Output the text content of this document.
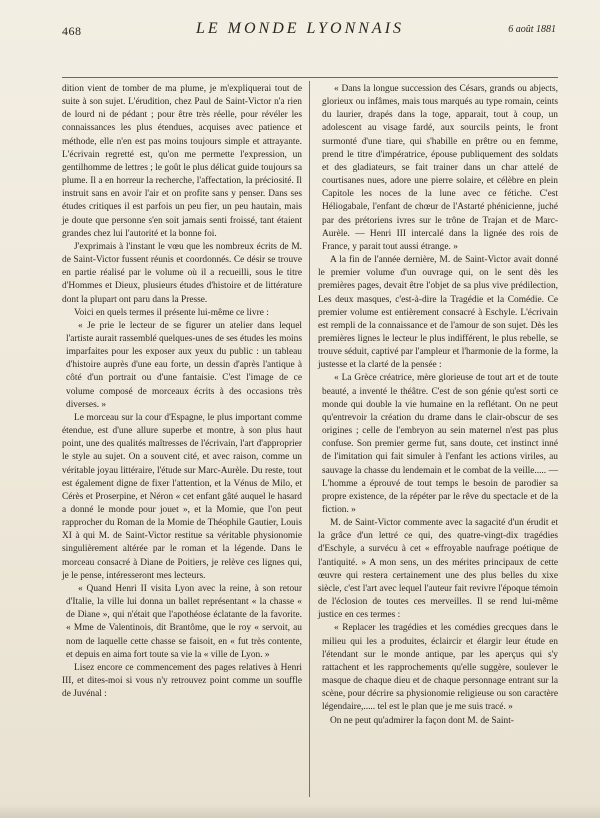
468	LE MONDE LYONNAIS	6 août 1881

dition vient de tomber de ma plume, je m'expliquerai tout de suite à son sujet. L'érudition, chez Paul de Saint-Victor n'a rien de lourd ni de pédant ; pour être très réelle, pour révéler les connaissances les plus étendues, acquises avec patience et méthode, elle n'en est pas moins toujours simple et attrayante. L'écrivain regretté est, qu'on me permette l'expression, un gentilhomme de lettres ; le goût le plus délicat guide toujours sa plume. Il a en horreur la recherche, l'affectation, la préciosité. Il instruit sans en avoir l'air et on profite sans y penser. Dans ses études critiques il est parfois un peu fier, un peu hautain, mais je doute que personne s'en soit jamais senti froissé, tant étaient grandes chez lui l'autorité et la bonne foi.

J'exprimais à l'instant le vœu que les nombreux écrits de M. de Saint-Victor fussent réunis et coordonnés. Ce désir se trouve en partie réalisé par le volume où il a recueilli, sous le titre d'Hommes et Dieux, plusieurs études d'histoire et de littérature dont la plupart ont paru dans la Presse.

Voici en quels termes il présente lui-même ce livre :

« Je prie le lecteur de se figurer un atelier dans lequel l'artiste aurait rassemblé quelques-unes de ses études les moins imparfaites pour les exposer aux yeux du public : un tableau d'histoire auprès d'une eau forte, un dessin d'après l'antique à côté d'un portrait ou d'une fantaisie. C'est l'image de ce volume composé de morceaux écrits à des occasions très diverses. »

Le morceau sur la cour d'Espagne, le plus important comme étendue, est d'une allure superbe et montre, à son plus haut point, une des qualités maîtresses de l'écrivain, l'art d'approprier le style au sujet. On a souvent cité, et avec raison, comme un véritable joyau littéraire, l'étude sur Marc-Aurèle. Du reste, tout est également digne de fixer l'attention, et la Vénus de Milo, et Cérès et Proserpine, et Néron « cet enfant gâté auquel le hasard a donné le monde pour jouet », et la Momie, que l'on peut rapprocher du Roman de la Momie de Théophile Gautier, Louis XI à qui M. de Saint-Victor restitue sa véritable physionomie singulièrement altérée par le roman et la légende. Dans le morceau consacré à Diane de Poitiers, je relève ces lignes qui, je le pense, intéresseront mes lecteurs.

« Quand Henri II visita Lyon avec la reine, à son retour d'Italie, la ville lui donna un ballet représentant « la chasse « de Diane », qui n'était que l'apothéose éclatante de la favorite. « Mme de Valentinois, dit Brantôme, que le roy « servoit, au nom de laquelle cette chasse se faisoit, en « fut très contente, et depuis en aima fort toute sa vie la « ville de Lyon. »

Lisez encore ce commencement des pages relatives à Henri III, et dites-moi si vous n'y retrouvez point comme un souffle de Juvénal :

« Dans la longue succession des Césars, grands ou abjects, glorieux ou infâmes, mais tous marqués au type romain, ceints du laurier, drapés dans la toge, apparait, tout à coup, un adolescent au visage fardé, aux sourcils peints, le front surmonté d'une tiare, qui s'habille en prêtre ou en femme, prend le titre d'impératrice, épouse publiquement des soldats et des gladiateurs, se fait trainer dans un char attelé de courtisanes nues, adore une pierre solaire, et célèbre en plein Capitole les noces de la lune avec ce fétiche. C'est Héliogabale, l'enfant de chœur de l'Astarté phénicienne, juché par des prétoriens ivres sur le trône de Trajan et de Marc-Aurèle. — Henri III intercalé dans la lignée des rois de France, y parait tout aussi étrange. »

A la fin de l'année dernière, M. de Saint-Victor avait donné le premier volume d'un ouvrage qui, on le sent dès les premières pages, devait être l'objet de sa plus vive prédilection, Les deux masques, c'est-à-dire la Tragédie et la Comédie. Ce premier volume est entièrement consacré à Eschyle. L'écrivain est rempli de la connaissance et de l'amour de son sujet. Dès les premières lignes le lecteur le plus indifférent, le plus rebelle, se trouve séduit, captivé par l'ampleur et l'harmonie de la forme, la justesse et la clarté de la pensée :

« La Grèce créatrice, mère glorieuse de tout art et de toute beauté, a inventé le théâtre. C'est de son génie qu'est sorti ce monde qui double la vie humaine en la reflétant. On ne peut qu'entrevoir la création du drame dans le clair-obscur de ses origines ; celle de l'embryon au sein maternel n'est pas plus confuse. Son premier germe fut, sans doute, cet instinct inné de l'imitation qui fait simuler à l'enfant les actions viriles, au sauvage la chasse du lendemain et le combat de la veille..... — L'homme a éprouvé de tout temps le besoin de parodier sa propre existence, de la répéter par le rêve du spectacle et de la fiction. »

M. de Saint-Victor commente avec la sagacité d'un érudit et la grâce d'un lettré ce qui, des quatre-vingt-dix tragédies d'Eschyle, a survécu à cet « effroyable naufrage poétique de l'antiquité. » A mon sens, un des mérites principaux de cette œuvre qui restera certainement une des plus belles du xixe siècle, c'est l'art avec lequel l'auteur fait revivre l'époque témoin de l'éclosion de toutes ces merveilles. Il se rend lui-même justice en ces termes :

« Replacer les tragédies et les comédies grecques dans le milieu qui les a produites, éclaircir et élargir leur étude en l'étendant sur le monde antique, par les aperçus qui s'y rattachent et les rapprochements qu'elle suggère, soulever le masque de chaque dieu et de chaque personnage entrant sur la scène, pour décrire sa physionomie religieuse ou son caractère légendaire,..... tel est le plan que je me suis tracé. »

On ne peut qu'admirer la façon dont M. de Saint-
